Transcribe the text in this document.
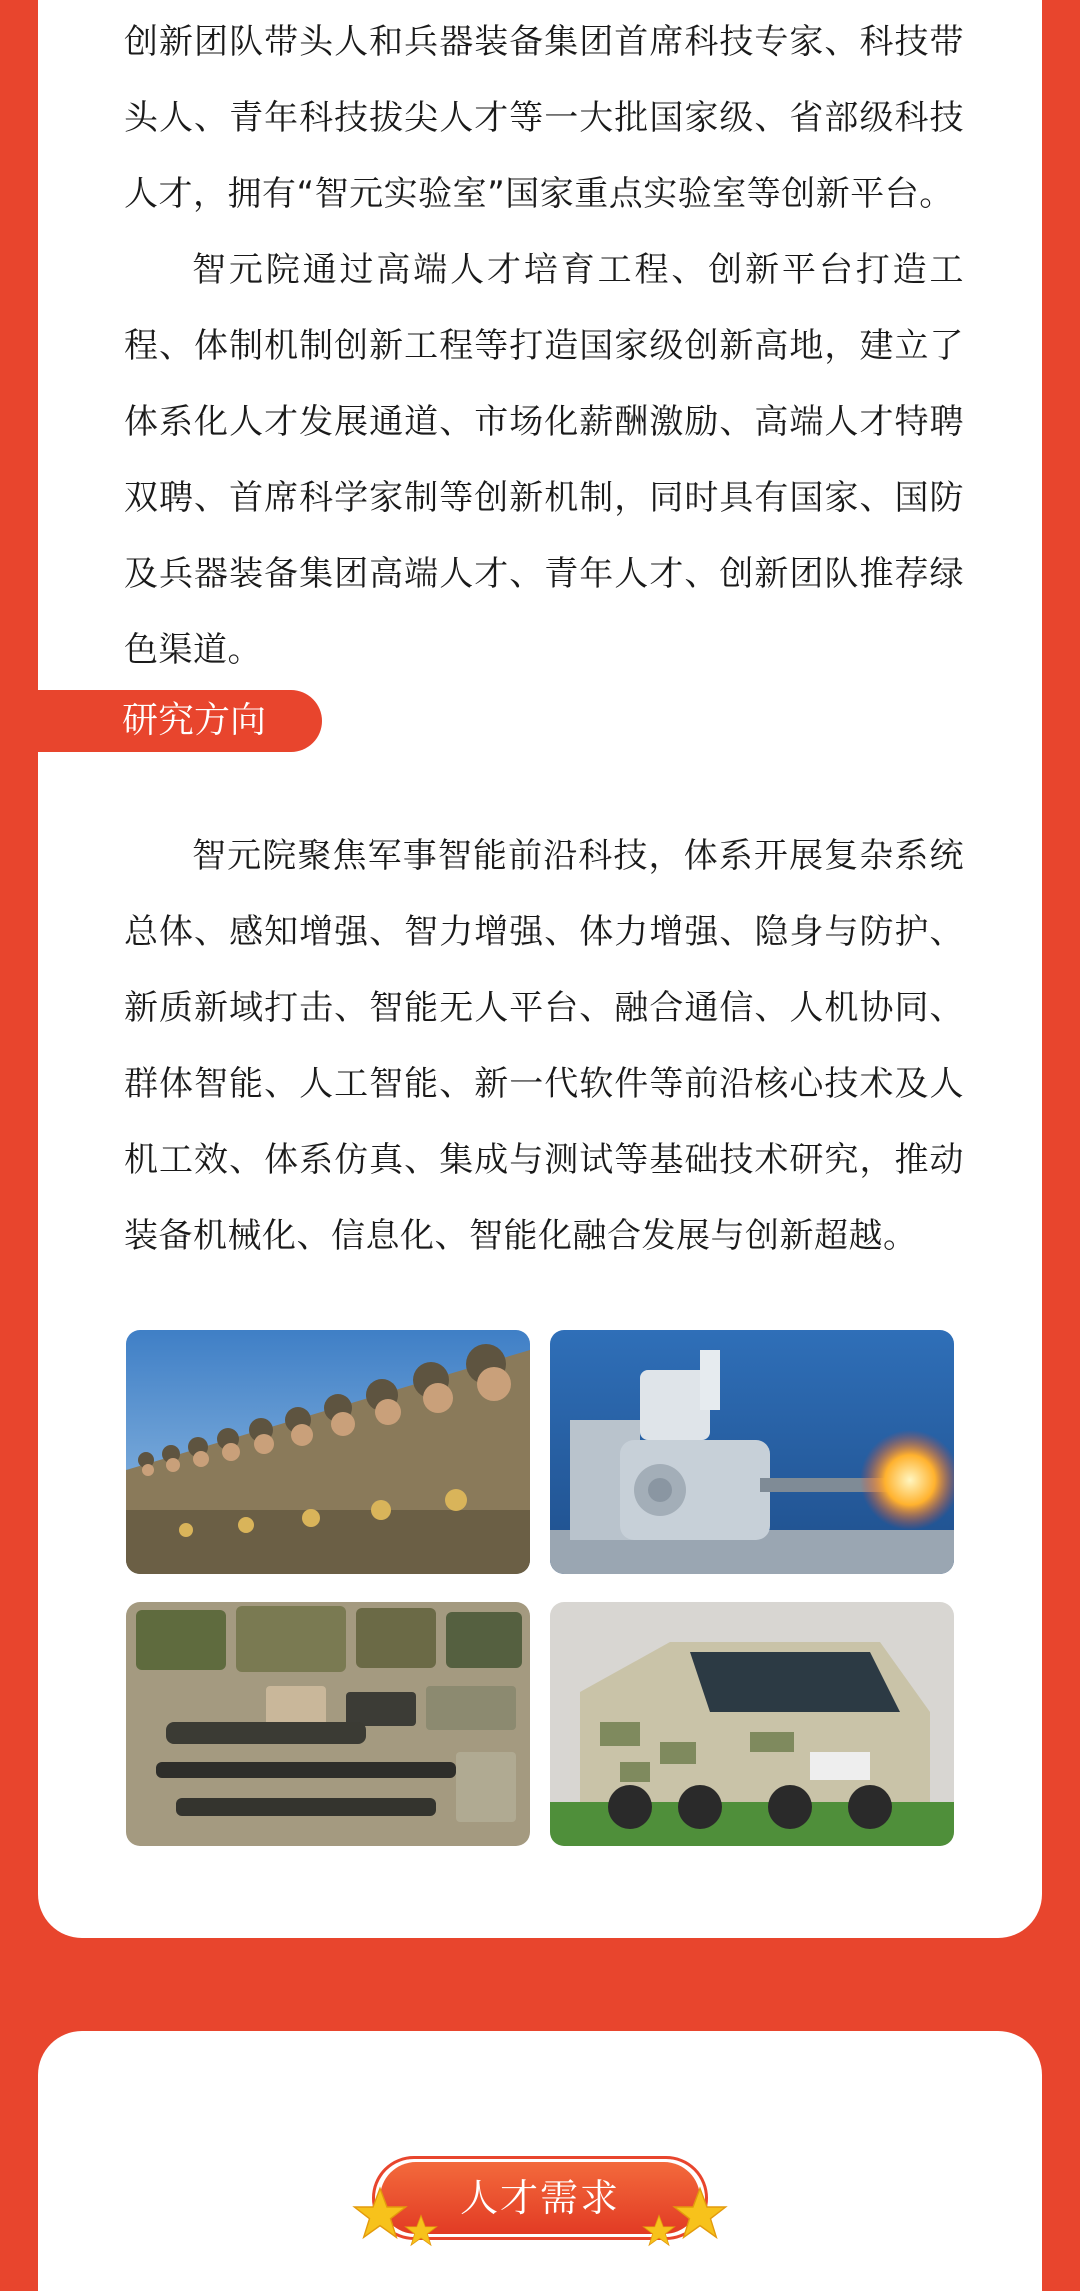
创新团队带头人和兵器装备集团首席科技专家、科技带头人、青年科技拔尖人才等一大批国家级、省部级科技人才，拥有“智元实验室”国家重点实验室等创新平台。

智元院通过高端人才培育工程、创新平台打造工程、体制机制创新工程等打造国家级创新高地，建立了体系化人才发展通道、市场化薪酬激励、高端人才特聘双聘、首席科学家制等创新机制，同时具有国家、国防及兵器装备集团高端人才、青年人才、创新团队推荐绿色渠道。

研究方向

智元院聚焦军事智能前沿科技，体系开展复杂系统总体、感知增强、智力增强、体力增强、隐身与防护、新质新域打击、智能无人平台、融合通信、人机协同、群体智能、人工智能、新一代软件等前沿核心技术及人机工效、体系仿真、集成与测试等基础技术研究，推动装备机械化、信息化、智能化融合发展与创新超越。

人才需求
